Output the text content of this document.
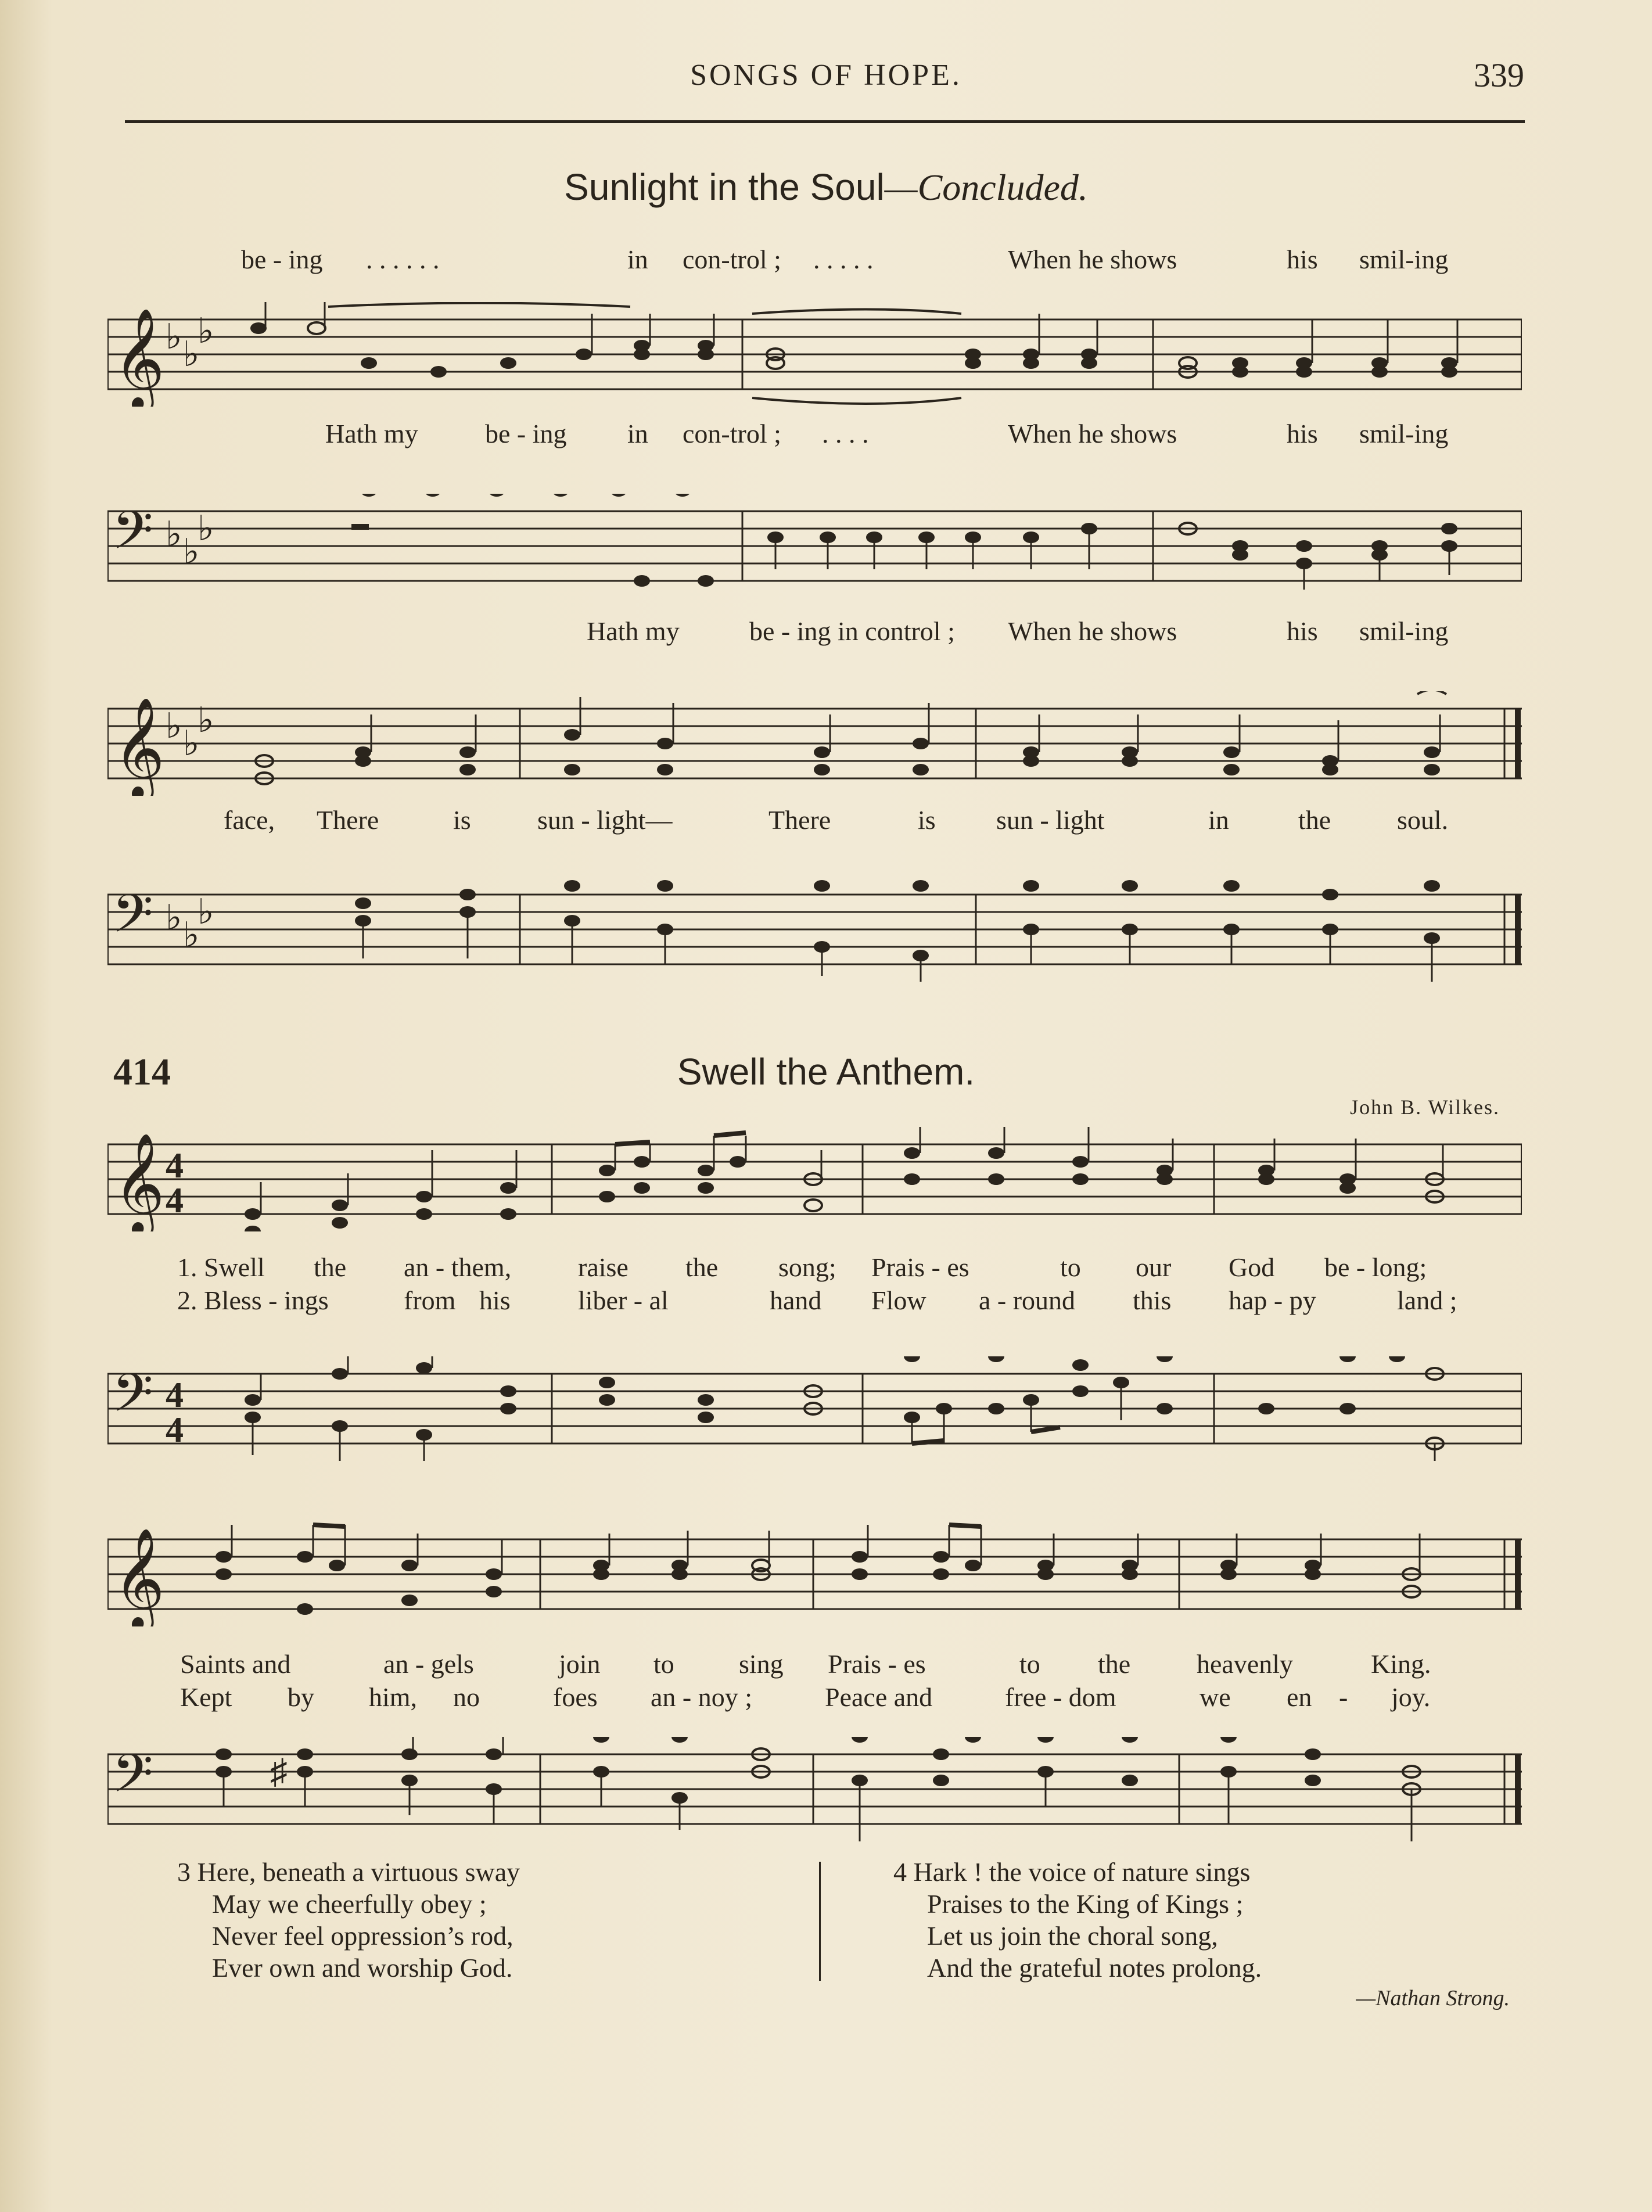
SONGS OF HOPE.	339
Sunlight in the Soul—Concluded.
𝄞 ♭ ♭
♭
be - ing . . . . . .	in con-trol ; . . . . .	When he shows	his smil-ing
Hath my	be - ing in con-trol ; . . . .	When he shows	his smil-ing
𝄢 ♭ ♭
♭
Hath my	be - ing in control ; When he shows	his smil-ing
𝄞 ♭ ♭
♭
face, There	is sun - light—	There	is sun - light	in	the soul.
𝄢 ♭ ♭
♭
414	Swell the Anthem.
John B. Wilkes.
𝄞 4
4
1. Swell the an - them, raise the song; Prais - es	to our God be - long;
2. Bless - ings	from his	liber - al	hand Flow a - round this hap - py	land ;
𝄢 4
4
𝄞
Saints and	an - gels	join to sing Prais - es	to the heavenly	King.
Kept by him, no	foes an - noy ;	Peace and	free - dom	we en - joy.
𝄢	♯
3 Here, beneath a virtuous sway
May we cheerfully obey ;
Never feel oppression’s rod,
Ever own and worship God.
4 Hark ! the voice of nature sings
Praises to the King of Kings ;
Let us join the choral song,
And the grateful notes prolong.
—Nathan Strong.
